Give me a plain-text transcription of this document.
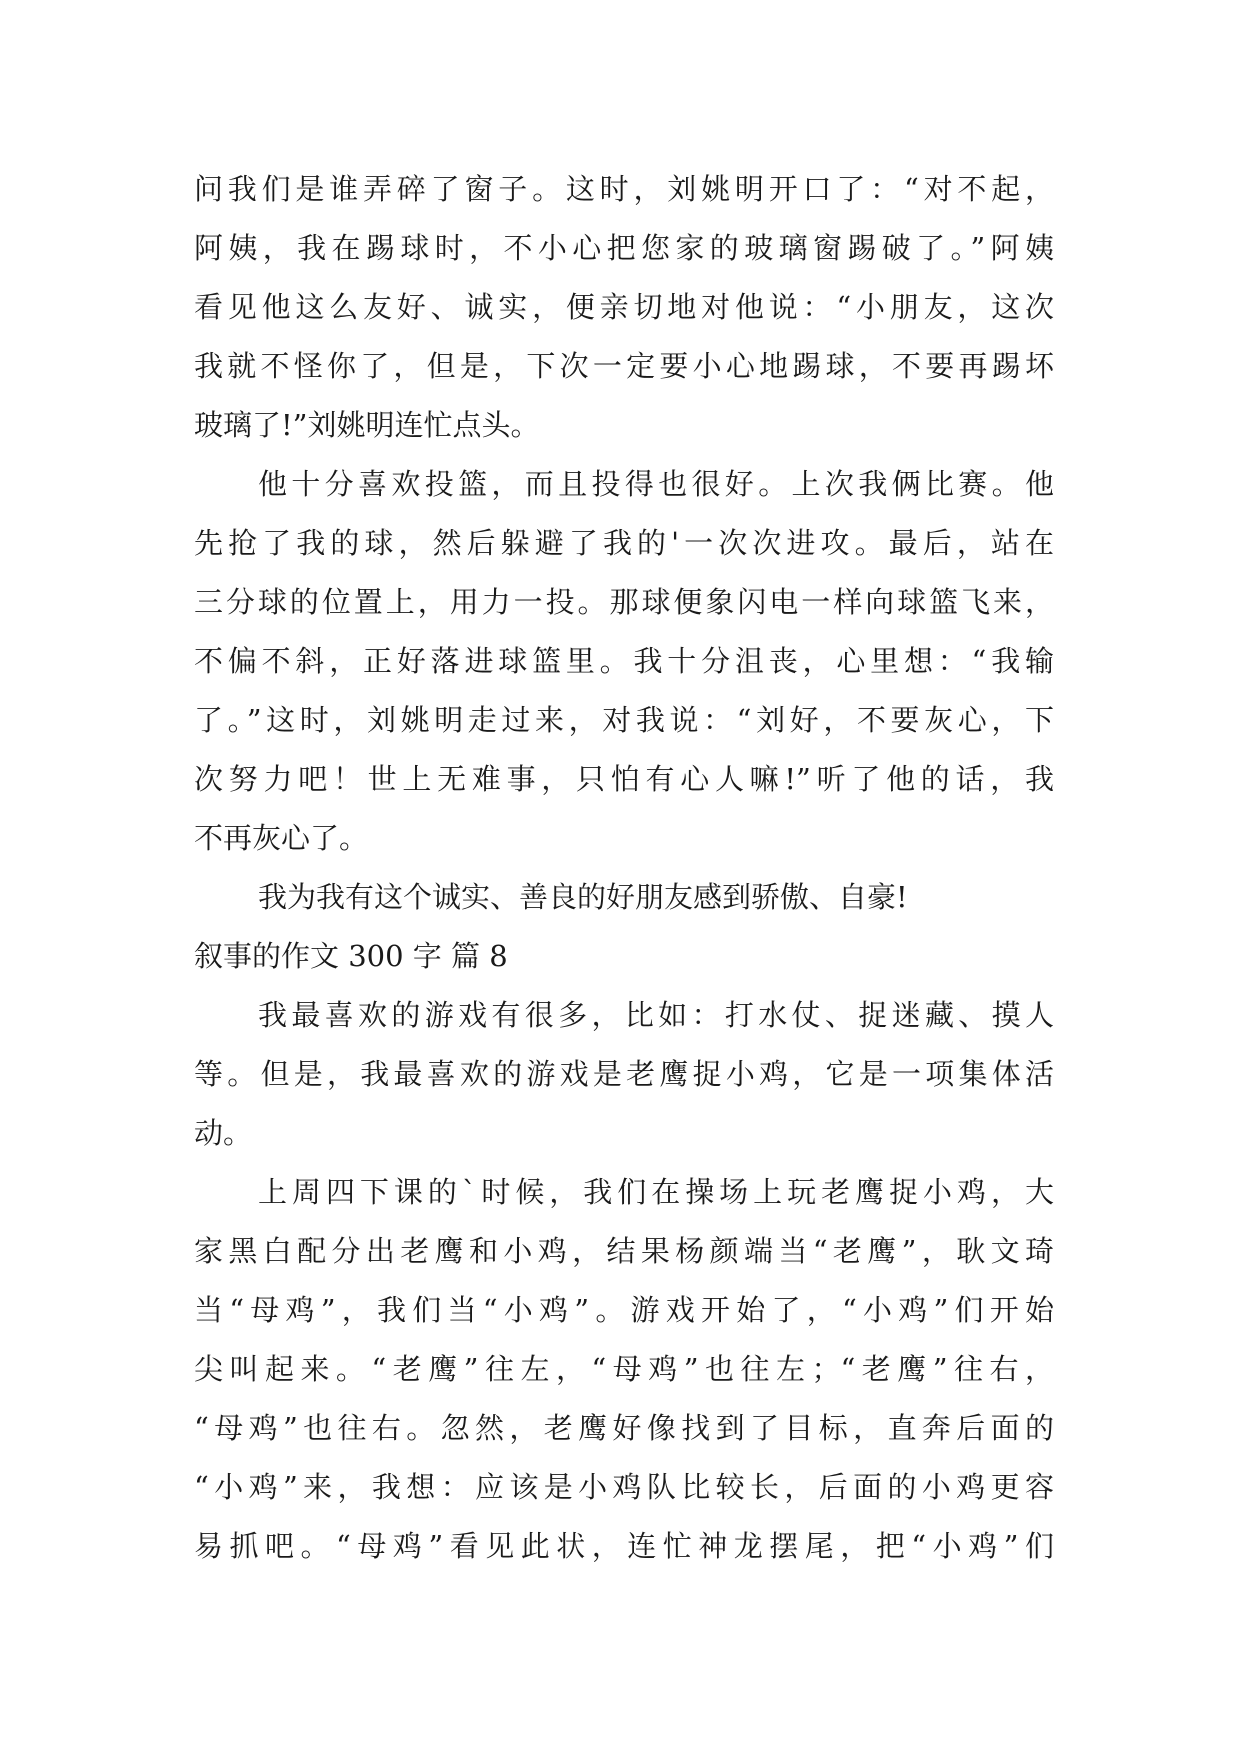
问我们是谁弄碎了窗子。这时，刘姚明开口了：“对不起，
阿姨，我在踢球时，不小心把您家的玻璃窗踢破了。”阿姨
看见他这么友好、诚实，便亲切地对他说：“小朋友，这次
我就不怪你了，但是，下次一定要小心地踢球，不要再踢坏
玻璃了!”刘姚明连忙点头。
他十分喜欢投篮，而且投得也很好。上次我俩比赛。他
先抢了我的球，然后躲避了我的'一次次进攻。最后，站在
三分球的位置上，用力一投。那球便象闪电一样向球篮飞来，
不偏不斜，正好落进球篮里。我十分沮丧，心里想：“我输
了。”这时，刘姚明走过来，对我说：“刘好，不要灰心，下
次努力吧！世上无难事，只怕有心人嘛!”听了他的话，我
不再灰心了。
我为我有这个诚实、善良的好朋友感到骄傲、自豪!
叙事的作文 300 字 篇 8
我最喜欢的游戏有很多，比如：打水仗、捉迷藏、摸人
等。但是，我最喜欢的游戏是老鹰捉小鸡，它是一项集体活
动。
上周四下课的`时候，我们在操场上玩老鹰捉小鸡，大
家黑白配分出老鹰和小鸡，结果杨颜端当“老鹰”，耿文琦
当“母鸡”，我们当“小鸡”。游戏开始了，“小鸡”们开始
尖叫起来。“老鹰”往左，“母鸡”也往左；“老鹰”往右，
“母鸡”也往右。忽然，老鹰好像找到了目标，直奔后面的
“小鸡”来，我想：应该是小鸡队比较长，后面的小鸡更容
易抓吧。“母鸡”看见此状，连忙神龙摆尾，把“小鸡”们
